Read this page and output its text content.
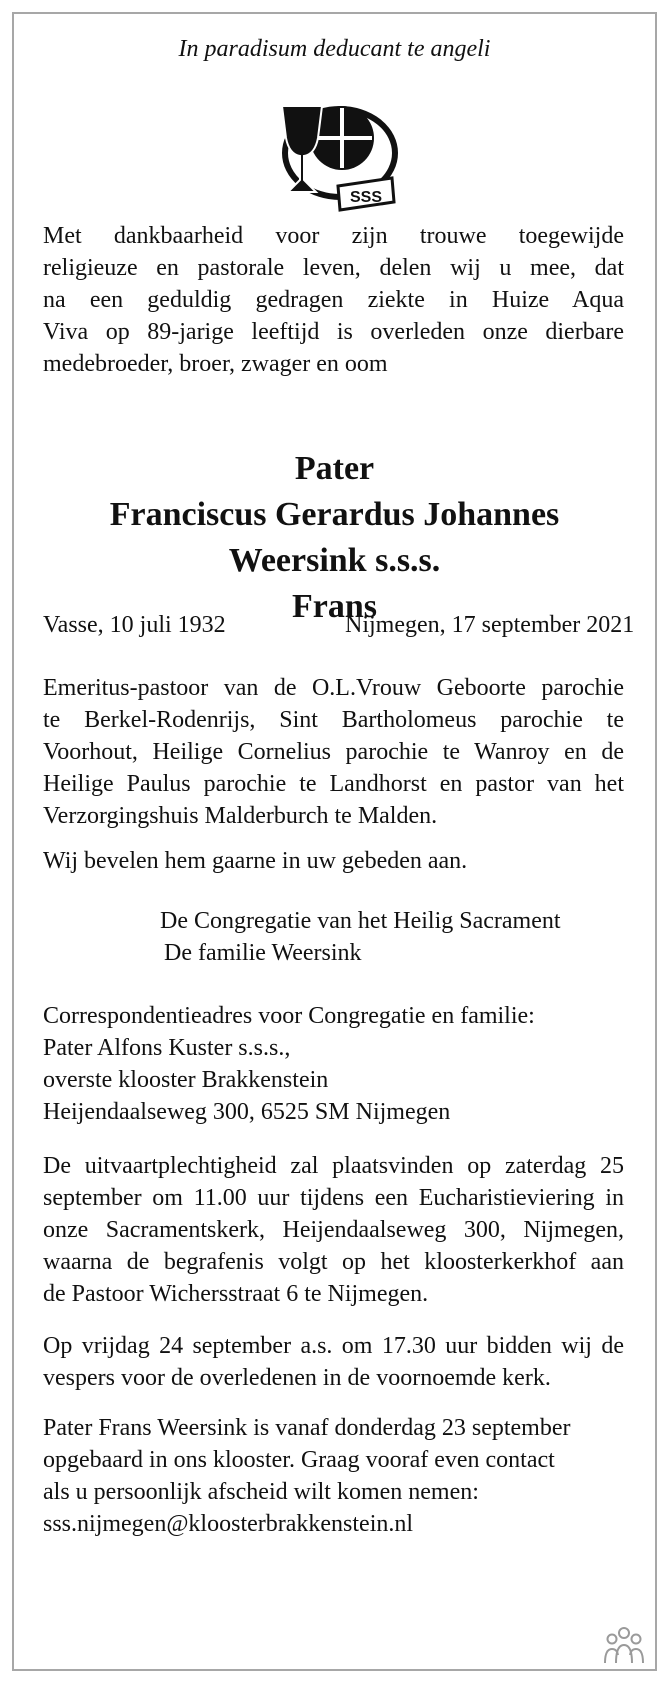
In paradisum deducant te angeli
SSS

Met dankbaarheid voor zijn trouwe toegewijde
religieuze en pastorale leven, delen wij u mee, dat
na een geduldig gedragen ziekte in Huize Aqua
Viva op 89-jarige leeftijd is overleden onze dierbare
medebroeder, broer, zwager en oom

Pater
Franciscus Gerardus Johannes
Weersink s.s.s.
Frans
Vasse, 10 juli 1932	Nijmegen, 17 september 2021

Emeritus-pastoor van de O.L.Vrouw Geboorte parochie
te Berkel-Rodenrijs, Sint Bartholomeus parochie te
Voorhout, Heilige Cornelius parochie te Wanroy en de
Heilige Paulus parochie te Landhorst en pastor van het
Verzorgingshuis Malderburch te Malden.

Wij bevelen hem gaarne in uw gebeden aan.

De Congregatie van het Heilig Sacrament
De familie Weersink

Correspondentieadres voor Congregatie en familie:
Pater Alfons Kuster s.s.s.,
overste klooster Brakkenstein
Heijendaalseweg 300, 6525 SM Nijmegen

De uitvaartplechtigheid zal plaatsvinden op zaterdag 25
september om 11.00 uur tijdens een Eucharistieviering in
onze Sacramentskerk, Heijendaalseweg 300, Nijmegen,
waarna de begrafenis volgt op het kloosterkerkhof aan
de Pastoor Wichersstraat 6 te Nijmegen.

Op vrijdag 24 september a.s. om 17.30 uur bidden wij de
vespers voor de overledenen in de voornoemde kerk.

Pater Frans Weersink is vanaf donderdag 23 september
opgebaard in ons klooster. Graag vooraf even contact
als u persoonlijk afscheid wilt komen nemen:
sss.nijmegen@kloosterbrakkenstein.nl
